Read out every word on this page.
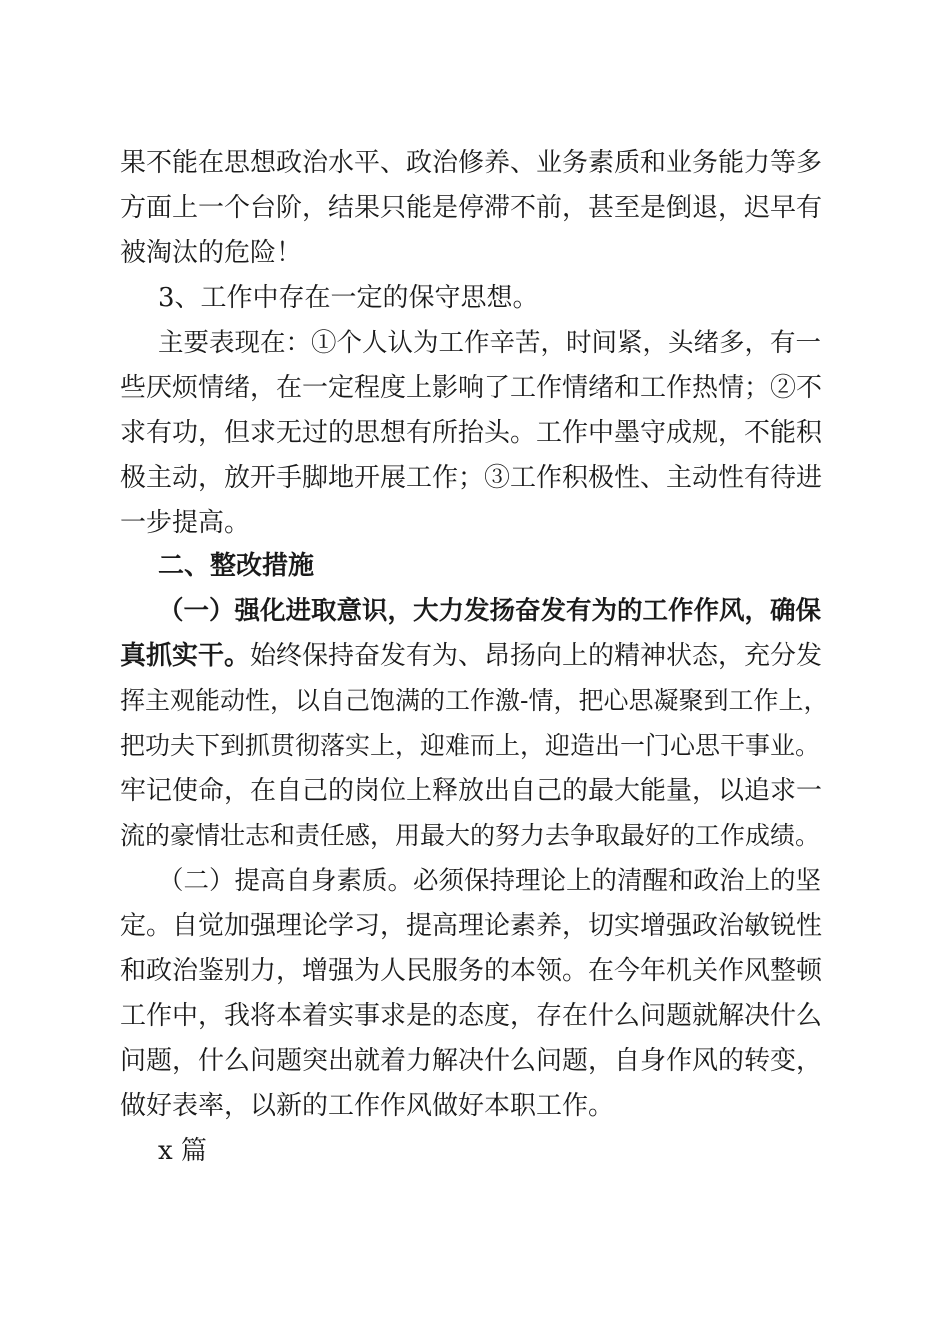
果不能在思想政治水平、政治修养、业务素质和业务能力等多
方面上一个台阶，结果只能是停滞不前，甚至是倒退，迟早有
被淘汰的危险！
3、工作中存在一定的保守思想。
主要表现在：①个人认为工作辛苦，时间紧，头绪多，有一
些厌烦情绪，在一定程度上影响了工作情绪和工作热情；②不
求有功，但求无过的思想有所抬头。工作中墨守成规，不能积
极主动，放开手脚地开展工作；③工作积极性、主动性有待进
一步提高。
二、整改措施
（一）强化进取意识，大力发扬奋发有为的工作作风，确保
真抓实干。始终保持奋发有为、昂扬向上的精神状态，充分发
挥主观能动性，以自己饱满的工作激-情，把心思凝聚到工作上，
把功夫下到抓贯彻落实上，迎难而上，迎造出一门心思干事业。
牢记使命，在自己的岗位上释放出自己的最大能量，以追求一
流的豪情壮志和责任感，用最大的努力去争取最好的工作成绩。
（二）提高自身素质。必须保持理论上的清醒和政治上的坚
定。自觉加强理论学习，提高理论素养，切实增强政治敏锐性
和政治鉴别力，增强为人民服务的本领。在今年机关作风整顿
工作中，我将本着实事求是的态度，存在什么问题就解决什么
问题，什么问题突出就着力解决什么问题，自身作风的转变，
做好表率，以新的工作作风做好本职工作。
x 篇
